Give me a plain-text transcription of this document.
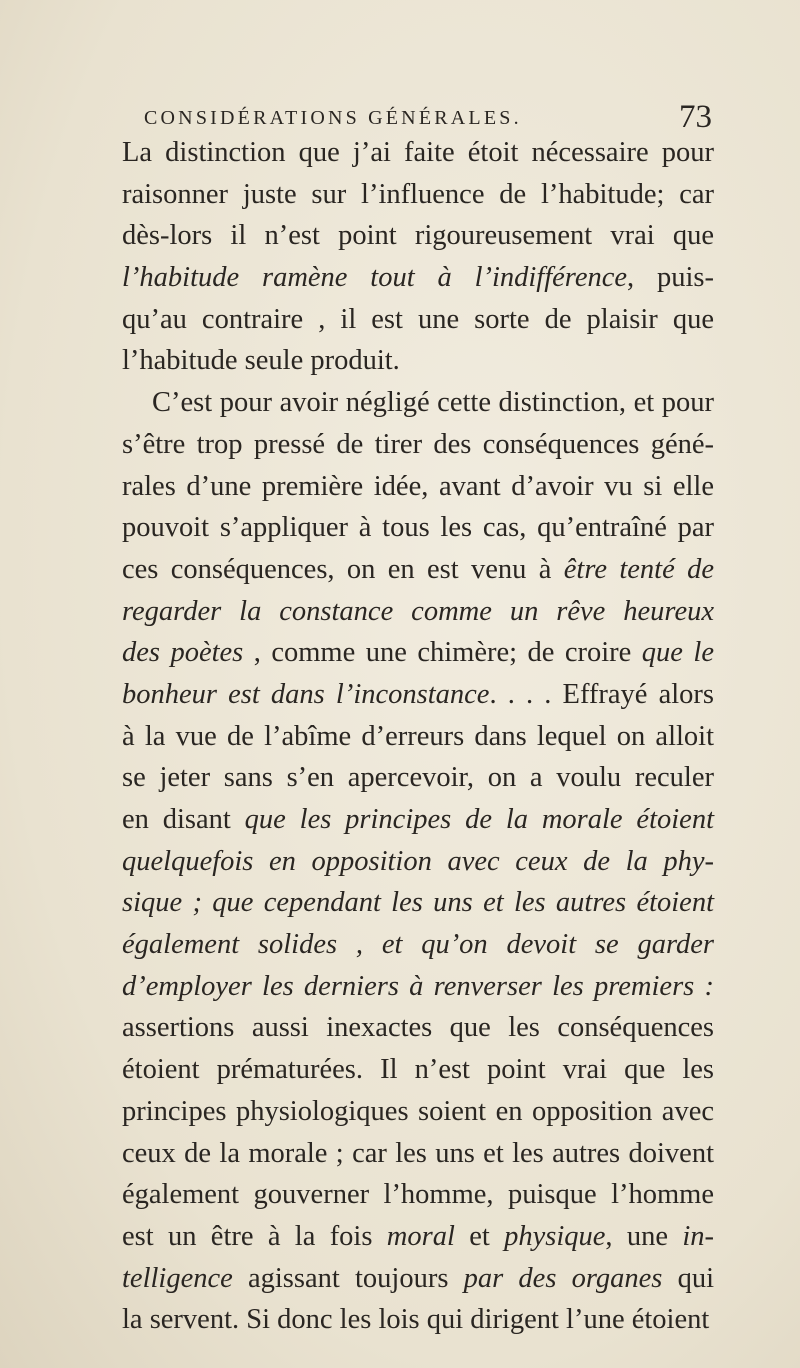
CONSIDÉRATIONS GÉNÉRALES.	73
La distinction que j’ai faite étoit nécessaire pour
raisonner juste sur l’influence de l’habitude; car
dès-lors il n’est point rigoureusement vrai que
l’habitude ramène tout à l’indifférence, puis-
qu’au contraire , il est une sorte de plaisir que
l’habitude seule produit.
C’est pour avoir négligé cette distinction, et pour
s’être trop pressé de tirer des conséquences géné-
rales d’une première idée, avant d’avoir vu si elle
pouvoit s’appliquer à tous les cas, qu’entraîné par
ces conséquences, on en est venu à être tenté de
regarder la constance comme un rêve heureux
des poètes , comme une chimère; de croire que le
bonheur est dans l’inconstance. . . . Effrayé alors
à la vue de l’abîme d’erreurs dans lequel on alloit
se jeter sans s’en apercevoir, on a voulu reculer
en disant que les principes de la morale étoient
quelquefois en opposition avec ceux de la phy-
sique ; que cependant les uns et les autres étoient
également solides , et qu’on devoit se garder
d’employer les derniers à renverser les premiers :
assertions aussi inexactes que les conséquences
étoient prématurées. Il n’est point vrai que les
principes physiologiques soient en opposition avec
ceux de la morale ; car les uns et les autres doivent
également gouverner l’homme, puisque l’homme
est un être à la fois moral et physique, une in-
telligence agissant toujours par des organes qui
la servent. Si donc les lois qui dirigent l’une étoient
